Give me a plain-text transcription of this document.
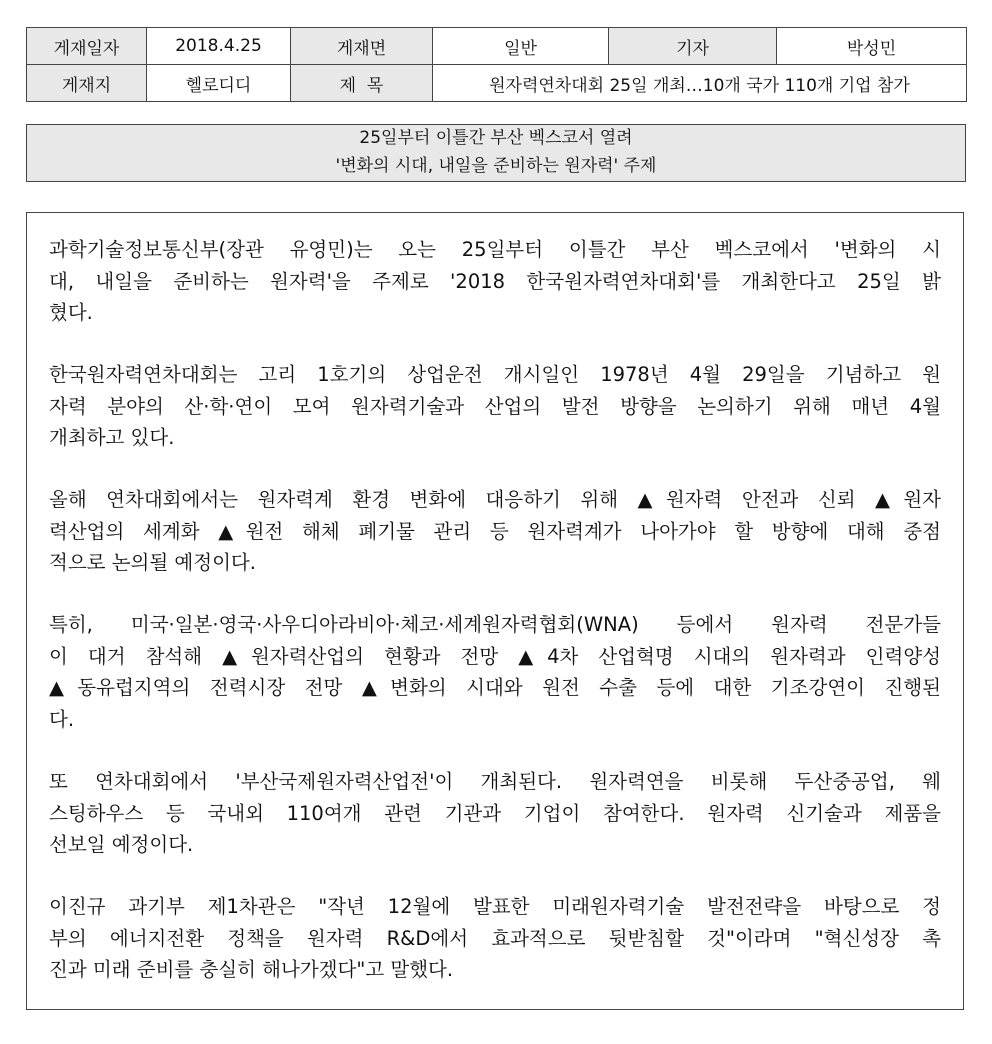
게재일자	2018.4.25	게재면	일반	기자	박성민
게재지	헬로디디	제  목	원자력연차대회 25일 개최…10개 국가 110개 기업 참가		
25일부터 이틀간 부산 벡스코서 열려
'변화의 시대, 내일을 준비하는 원자력' 주제

과학기술정보통신부(장관 유영민)는 오는 25일부터 이틀간 부산 벡스코에서 '변화의 시
대, 내일을 준비하는 원자력'을 주제로 '2018 한국원자력연차대회'를 개최한다고 25일 밝
혔다.

한국원자력연차대회는 고리 1호기의 상업운전 개시일인 1978년 4월 29일을 기념하고 원
자력 분야의 산·학·연이 모여 원자력기술과 산업의 발전 방향을 논의하기 위해 매년 4월
개최하고 있다.

올해 연차대회에서는 원자력계 환경 변화에 대응하기 위해 ▲원자력 안전과 신뢰 ▲원자
력산업의 세계화 ▲원전 해체 폐기물 관리 등 원자력계가 나아가야 할 방향에 대해 중점
적으로 논의될 예정이다.

특히, 미국·일본·영국·사우디아라비아·체코·세계원자력협회(WNA) 등에서 원자력 전문가들
이 대거 참석해 ▲원자력산업의 현황과 전망 ▲4차 산업혁명 시대의 원자력과 인력양성
▲동유럽지역의 전력시장 전망 ▲변화의 시대와 원전 수출 등에 대한 기조강연이 진행된
다.

또 연차대회에서 '부산국제원자력산업전'이 개최된다. 원자력연을 비롯해 두산중공업, 웨
스팅하우스 등 국내외 110여개 관련 기관과 기업이 참여한다. 원자력 신기술과 제품을
선보일 예정이다.

이진규 과기부 제1차관은 "작년 12월에 발표한 미래원자력기술 발전전략을 바탕으로 정
부의 에너지전환 정책을 원자력 R&D에서 효과적으로 뒷받침할 것"이라며 "혁신성장 촉
진과 미래 준비를 충실히 해나가겠다"고 말했다.
